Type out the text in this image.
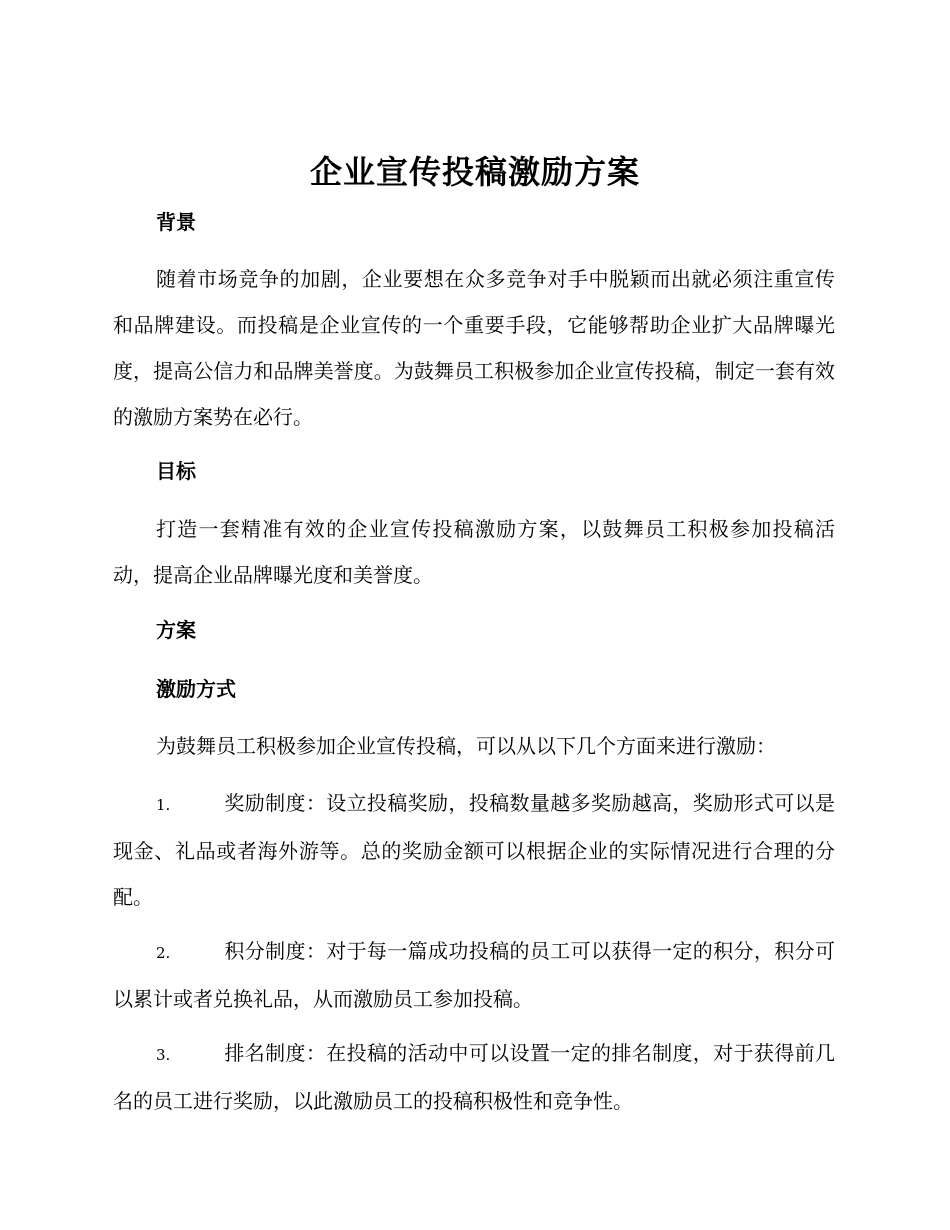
企业宣传投稿激励方案
背景

随着市场竞争的加剧，企业要想在众多竞争对手中脱颖而出就必须注重宣传和品牌建设。而投稿是企业宣传的一个重要手段，它能够帮助企业扩大品牌曝光度，提高公信力和品牌美誉度。为鼓舞员工积极参加企业宣传投稿，制定一套有效的激励方案势在必行。

目标

打造一套精准有效的企业宣传投稿激励方案，以鼓舞员工积极参加投稿活动，提高企业品牌曝光度和美誉度。

方案
激励方式

为鼓舞员工积极参加企业宣传投稿，可以从以下几个方面来进行激励：

1.	奖励制度：设立投稿奖励，投稿数量越多奖励越高，奖励形式可以是现金、礼品或者海外游等。总的奖励金额可以根据企业的实际情况进行合理的分配。

2.	积分制度：对于每一篇成功投稿的员工可以获得一定的积分，积分可以累计或者兑换礼品，从而激励员工参加投稿。

3.	排名制度：在投稿的活动中可以设置一定的排名制度，对于获得前几名的员工进行奖励，以此激励员工的投稿积极性和竞争性。
